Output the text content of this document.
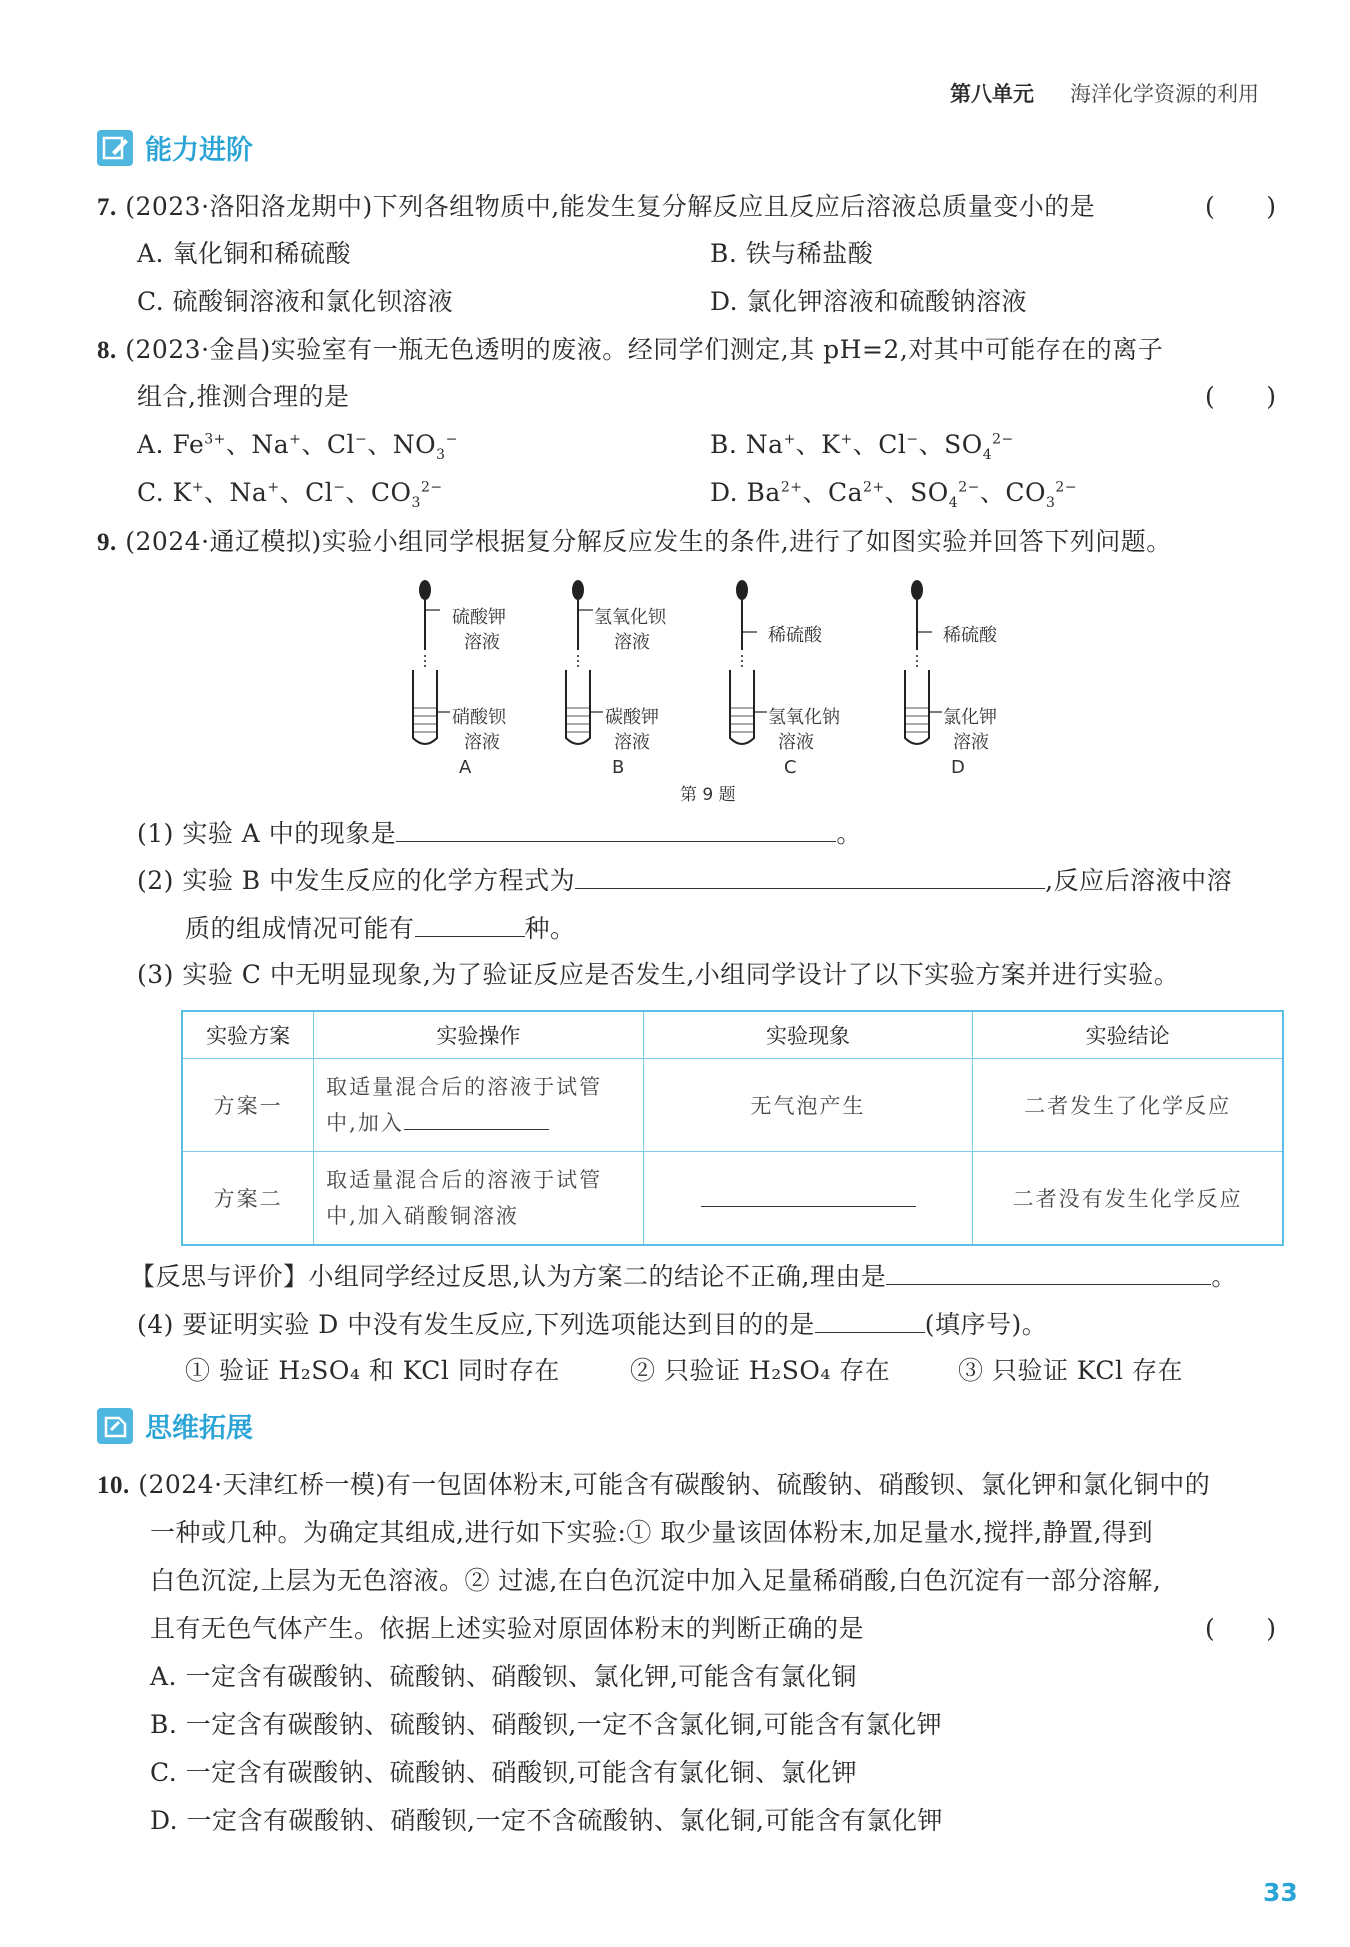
第八单元 海洋化学资源的利用
能力进阶
7. (2023·洛阳洛龙期中)下列各组物质中,能发生复分解反应且反应后溶液总质量变小的是	(　　)
A. 氧化铜和稀硫酸	B. 铁与稀盐酸
C. 硫酸铜溶液和氯化钡溶液	D. 氯化钾溶液和硫酸钠溶液
8. (2023·金昌)实验室有一瓶无色透明的废液。经同学们测定,其 pH=2,对其中可能存在的离子
组合,推测合理的是	(　　)
A. $Fe^{3+}$、Na+、Cl−、$NO_3^-$	B. Na+、K+、Cl−、$SO_4^{2-}$
C. K+、Na+、Cl−、$CO_3^{2-}$	D. $Ba^{2+}$、$Ca^{2+}$、$SO_4^{2-}$、$CO_3^{2-}$
9. (2024·通辽模拟)实验小组同学根据复分解反应发生的条件,进行了如图实验并回答下列问题。
硫酸钾
溶液
硝酸钡
溶液
A
氢氧化钡
溶液
碳酸钾
溶液
B
稀硫酸
氢氧化钠
溶液
C
稀硫酸
氯化钾
溶液
D
第 9 题
(1) 实验 A 中的现象是	。
(2) 实验 B 中发生反应的化学方程式为	,反应后溶液中溶
质的组成情况可能有	种。
(3) 实验 C 中无明显现象,为了验证反应是否发生,小组同学设计了以下实验方案并进行实验。
实验方案	实验操作	实验现象	实验结论
方案一	取适量混合后的溶液于试管
中,加入	无气泡产生	二者发生了化学反应
方案二	取适量混合后的溶液于试管
中,加入硝酸铜溶液		二者没有发生化学反应
【反思与评价】小组同学经过反思,认为方案二的结论不正确,理由是	。
(4) 要证明实验 D 中没有发生反应,下列选项能达到目的的是	(填序号)。
① 验证 H₂SO₄ 和 KCl 同时存在	② 只验证 H₂SO₄ 存在	③ 只验证 KCl 存在
思维拓展
10. (2024·天津红桥一模)有一包固体粉末,可能含有碳酸钠、硫酸钠、硝酸钡、氯化钾和氯化铜中的
一种或几种。为确定其组成,进行如下实验:① 取少量该固体粉末,加足量水,搅拌,静置,得到
白色沉淀,上层为无色溶液。② 过滤,在白色沉淀中加入足量稀硝酸,白色沉淀有一部分溶解,
且有无色气体产生。依据上述实验对原固体粉末的判断正确的是	(　　)
A. 一定含有碳酸钠、硫酸钠、硝酸钡、氯化钾,可能含有氯化铜
B. 一定含有碳酸钠、硫酸钠、硝酸钡,一定不含氯化铜,可能含有氯化钾
C. 一定含有碳酸钠、硫酸钠、硝酸钡,可能含有氯化铜、氯化钾
D. 一定含有碳酸钠、硝酸钡,一定不含硫酸钠、氯化铜,可能含有氯化钾
33
